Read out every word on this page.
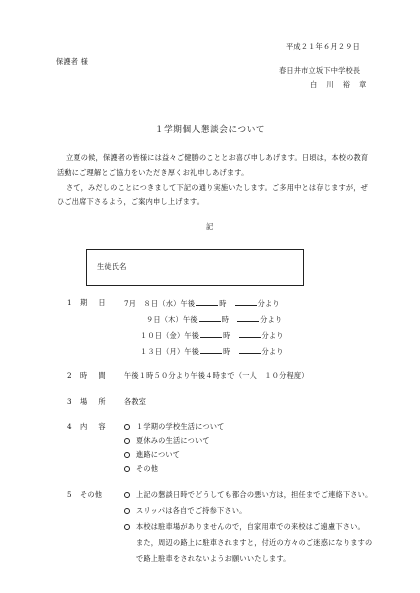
平成２１年６月２９日
保護者 様
春日井市立坂下中学校長
白　川　裕　章
１学期個人懇談会について
立夏の候，保護者の皆様には益々ご健勝のこととお喜び申しあげます。日頃は，本校の教育
活動にご理解とご協力をいただき厚くお礼申しあげます。
さて，みだしのことにつきまして下記の通り実施いたします。ご多用中とは存じますが，ぜ
ひご出席下さるよう，ご案内申し上げます。
記
生徒氏名
1 期　日 7月　８日（水）午後	時	分より
９日（木）午後	時	分より
１０日（金）午後	時	分より
１３日（月）午後	時	分より
2 時　間 午後１時５０分より午後４時まで（一人　１０分程度）
3 場　所 各教室
4 内　容	１学期の学校生活について
夏休みの生活について
進路について
その他
5 その他	上記の懇談日時でどうしても都合の悪い方は，担任までご連絡下さい。
スリッパは各自でご持参下さい。
本校は駐車場がありませんので，自家用車での来校はご遠慮下さい。
また，周辺の路上に駐車されますと，付近の方々のご迷惑になりますの
で路上駐車をされないようお願いいたします。
